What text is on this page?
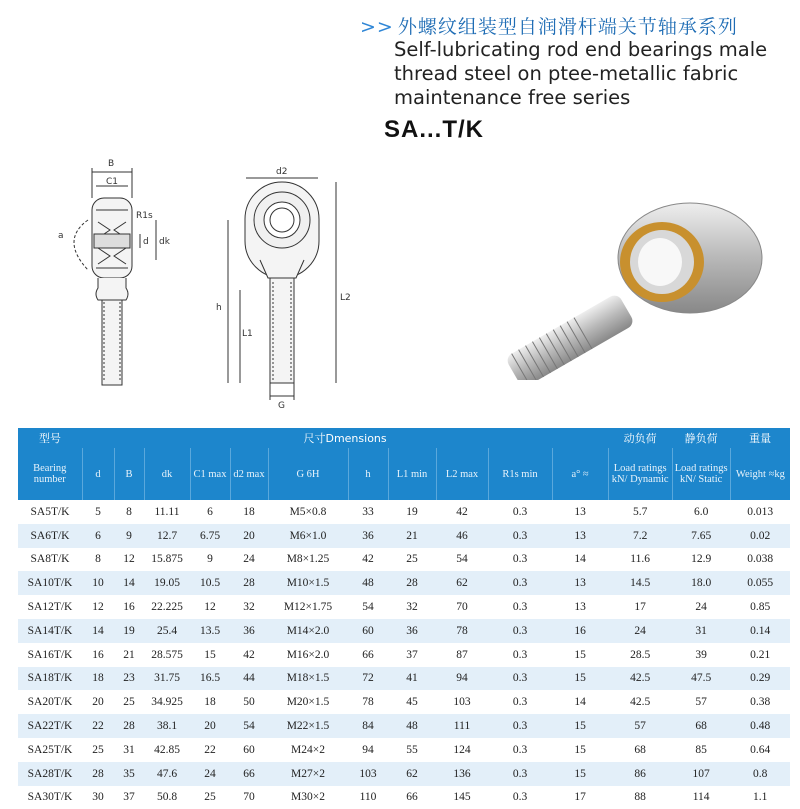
>> 外螺纹组装型自润滑杆端关节轴承系列
Self-lubricating rod end bearings male thread steel on ptee-metallic fabric maintenance free series
SA...T/K
B
C1
R1s
d dk
a
d2
h
L1
L2
G
型号	尺寸Dmensions											动负荷	静负荷	重量
Bearing number	d	B	dk	C1 max	d2 max	G 6H	h	L1 min	L2 max	R1s min	a° ≈	Load ratings kN/ Dynamic	Load ratings kN/ Static	Weight ≈kg
SA5T/K	5	8	11.11	6	18	M5×0.8	33	19	42	0.3	13	5.7	6.0	0.013
SA6T/K	6	9	12.7	6.75	20	M6×1.0	36	21	46	0.3	13	7.2	7.65	0.02
SA8T/K	8	12	15.875	9	24	M8×1.25	42	25	54	0.3	14	11.6	12.9	0.038
SA10T/K	10	14	19.05	10.5	28	M10×1.5	48	28	62	0.3	13	14.5	18.0	0.055
SA12T/K	12	16	22.225	12	32	M12×1.75	54	32	70	0.3	13	17	24	0.85
SA14T/K	14	19	25.4	13.5	36	M14×2.0	60	36	78	0.3	16	24	31	0.14
SA16T/K	16	21	28.575	15	42	M16×2.0	66	37	87	0.3	15	28.5	39	0.21
SA18T/K	18	23	31.75	16.5	44	M18×1.5	72	41	94	0.3	15	42.5	47.5	0.29
SA20T/K	20	25	34.925	18	50	M20×1.5	78	45	103	0.3	14	42.5	57	0.38
SA22T/K	22	28	38.1	20	54	M22×1.5	84	48	111	0.3	15	57	68	0.48
SA25T/K	25	31	42.85	22	60	M24×2	94	55	124	0.3	15	68	85	0.64
SA28T/K	28	35	47.6	24	66	M27×2	103	62	136	0.3	15	86	107	0.8
SA30T/K	30	37	50.8	25	70	M30×2	110	66	145	0.3	17	88	114	1.1
